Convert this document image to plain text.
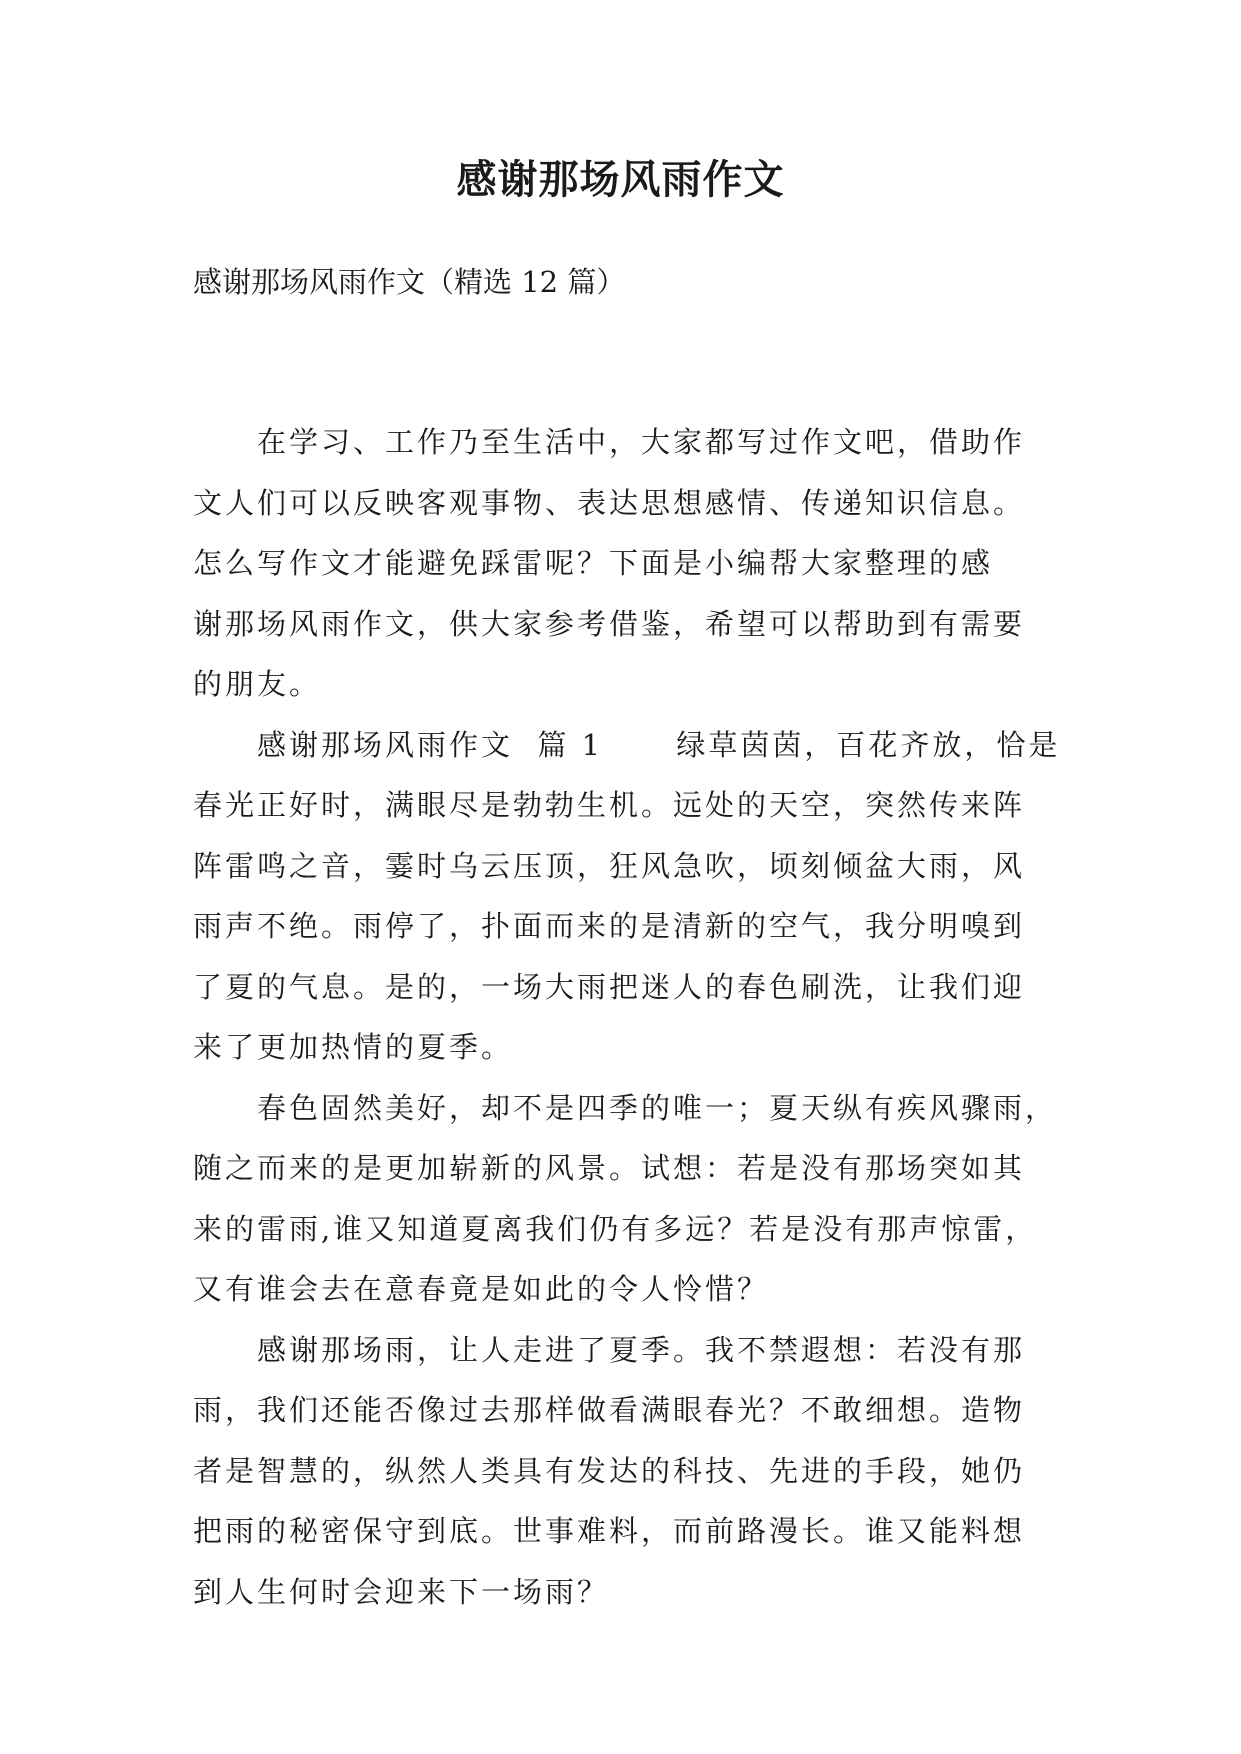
感谢那场风雨作文
感谢那场风雨作文（精选 12 篇）

在学习、工作乃至生活中，大家都写过作文吧，借助作
文人们可以反映客观事物、表达思想感情、传递知识信息。
怎么写作文才能避免踩雷呢？下面是小编帮大家整理的感
谢那场风雨作文，供大家参考借鉴，希望可以帮助到有需要
的朋友。

感谢那场风雨作文  篇 1      绿草茵茵，百花齐放，恰是
春光正好时，满眼尽是勃勃生机。远处的天空，突然传来阵
阵雷鸣之音，霎时乌云压顶，狂风急吹，顷刻倾盆大雨，风
雨声不绝。雨停了，扑面而来的是清新的空气，我分明嗅到
了夏的气息。是的，一场大雨把迷人的春色刷洗，让我们迎
来了更加热情的夏季。

春色固然美好，却不是四季的唯一；夏天纵有疾风骤雨，
随之而来的是更加崭新的风景。试想：若是没有那场突如其
来的雷雨,谁又知道夏离我们仍有多远？若是没有那声惊雷，
又有谁会去在意春竟是如此的令人怜惜？

感谢那场雨，让人走进了夏季。我不禁遐想：若没有那
雨，我们还能否像过去那样做看满眼春光？不敢细想。造物
者是智慧的，纵然人类具有发达的科技、先进的手段，她仍
把雨的秘密保守到底。世事难料，而前路漫长。谁又能料想
到人生何时会迎来下一场雨？
